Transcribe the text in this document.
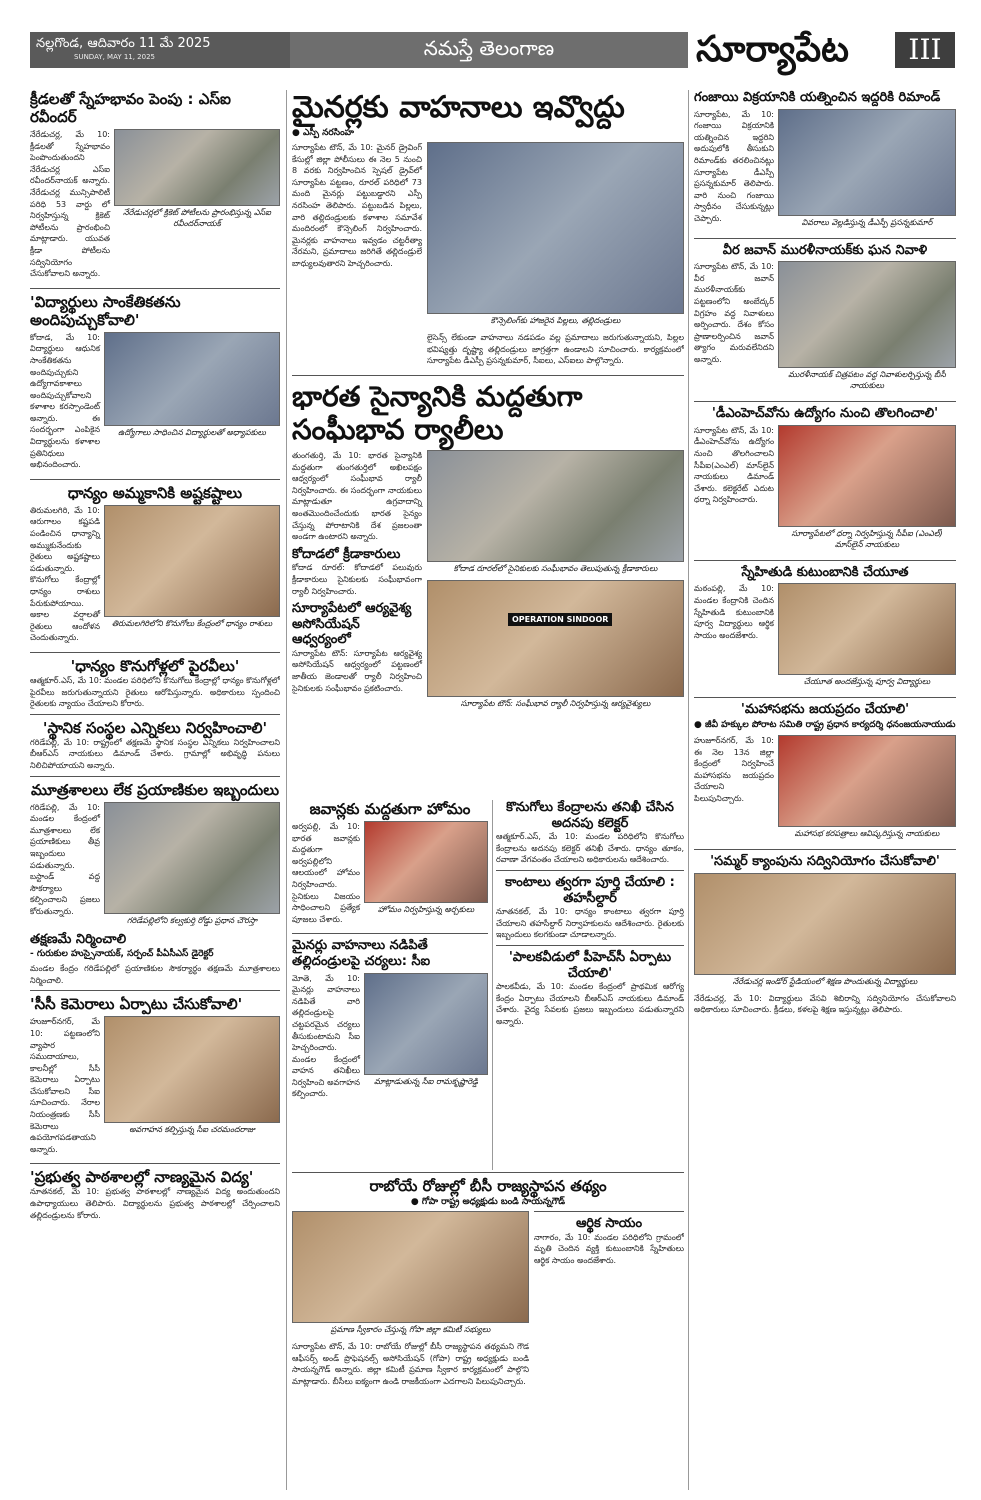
నల్లగొండ, ఆదివారం 11 మే 2025
SUNDAY, MAY 11, 2025	నమస్తే తెలంగాణ	సూర్యాపేట	III
క్రీడలతో స్నేహభావం పెంపు : ఎస్ఐ రవీందర్

నేరేడుచర్ల, మే 10: క్రీడలతో స్నేహభావం పెంపొందుతుందని నేరేడుచర్ల ఎస్ఐ రవీందర్‌నాయక్ అన్నారు. నేరేడుచర్ల మున్సిపాలిటీ పరిధి 53 వార్డు లో నిర్వహిస్తున్న క్రికెట్ పోటీలను ప్రారంభించి మాట్లాడారు. యువత క్రీడా పోటీలను సద్వినియోగం చేసుకోవాలని అన్నారు.

నేరేడుచర్లలో క్రికెట్ పోటీలను ప్రారంభిస్తున్న ఎస్ఐ రవీందర్‌నాయక్
'విద్యార్థులు సాంకేతికతను అందిపుచ్చుకోవాలి'

కోదాడ, మే 10: విద్యార్థులు ఆధునిక సాంకేతికతను అందిపుచ్చుకుని ఉద్యోగావకాశాలు అందిపుచ్చుకోవాలని కళాశాల కరస్పాండెంట్ అన్నారు. ఈ సందర్భంగా ఎంపికైన విద్యార్థులను కళాశాల ప్రతినిధులు అభినందించారు.

ఉద్యోగాలు సాధించిన విద్యార్థులతో అధ్యాపకులు
ధాన్యం అమ్మకానికి అష్టకష్టాలు

తిరుమలగిరి, మే 10: ఆరుగాలం కష్టపడి పండించిన ధాన్యాన్ని అమ్ముకునేందుకు రైతులు అష్టకష్టాలు పడుతున్నారు. కొనుగోలు కేంద్రాల్లో ధాన్యం రాశులు పేరుకుపోయాయి. అకాల వర్షాలతో రైతులు ఆందోళన చెందుతున్నారు.

తిరుమలగిరిలోని కొనుగోలు కేంద్రంలో ధాన్యం రాశులు
'ధాన్యం కొనుగోళ్లలో పైరవీలు'

ఆత్మకూర్.ఎస్, మే 10: మండల పరిధిలోని కొనుగోలు కేంద్రాల్లో ధాన్యం కొనుగోళ్లలో పైరవీలు జరుగుతున్నాయని రైతులు ఆరోపిస్తున్నారు. అధికారులు స్పందించి రైతులకు న్యాయం చేయాలని కోరారు.

'స్థానిక సంస్థల ఎన్నికలు నిర్వహించాలి'

గరిడేపల్లి, మే 10: రాష్ట్రంలో తక్షణమే స్థానిక సంస్థల ఎన్నికలు నిర్వహించాలని బీఆర్ఎస్ నాయకులు డిమాండ్ చేశారు. గ్రామాల్లో అభివృద్ధి పనులు నిలిచిపోయాయని అన్నారు.

మూత్రశాలలు లేక ప్రయాణికుల ఇబ్బందులు

గరిడేపల్లి, మే 10: మండల కేంద్రంలో మూత్రశాలలు లేక ప్రయాణికులు తీవ్ర ఇబ్బందులు పడుతున్నారు. బస్టాండ్ వద్ద సౌకర్యాలు కల్పించాలని ప్రజలు కోరుతున్నారు.

గరిడేపల్లిలోని కల్వకుర్తి రోడ్డు ప్రధాన చౌరస్తా
తక్షణమే నిర్మించాలి
- గురుకుల హుస్సైనాయక్, సర్పంచ్ పీఏసీఎస్ డైరెక్టర్

మండల కేంద్రం గరిడేపల్లిలో ప్రయాణికుల సౌకర్యార్థం తక్షణమే మూత్రశాలలు నిర్మించాలి.

'సీసీ కెమెరాలు ఏర్పాటు చేసుకోవాలి'

హుజూర్‌నగర్, మే 10: పట్టణంలోని వ్యాపార సముదాయాలు, కాలనీల్లో సీసీ కెమెరాలు ఏర్పాటు చేసుకోవాలని సీఐ సూచించారు. నేరాల నియంత్రణకు సీసీ కెమెరాలు ఉపయోగపడతాయని అన్నారు.

అవగాహన కల్పిస్తున్న సీఐ చరమందరాజు
'ప్రభుత్వ పాఠశాలల్లో నాణ్యమైన విద్య'

నూతనకల్, మే 10: ప్రభుత్వ పాఠశాలల్లో నాణ్యమైన విద్య అందుతుందని ఉపాధ్యాయులు తెలిపారు. విద్యార్థులను ప్రభుత్వ పాఠశాలల్లో చేర్పించాలని తల్లిదండ్రులను కోరారు.

మైనర్లకు వాహనాలు ఇవ్వొద్దు
● ఎస్పీ నరసింహ

సూర్యాపేట టౌన్, మే 10: మైనర్ డ్రైవింగ్ కేసుల్లో జిల్లా పోలీసులు ఈ నెల 5 నుంచి 8 వరకు నిర్వహించిన స్పెషల్ డ్రైవ్‌లో సూర్యాపేట పట్టణం, రూరల్ పరిధిలో 73 మంది మైనర్లు పట్టుబడ్డారని ఎస్పీ నరసింహ తెలిపారు. పట్టుబడిన పిల్లలు, వారి తల్లిదండ్రులకు కళాశాల సమావేశ మందిరంలో కౌన్సెలింగ్ నిర్వహించారు. మైనర్లకు వాహనాలు ఇవ్వడం చట్టరీత్యా నేరమని, ప్రమాదాలు జరిగితే తల్లిదండ్రులే బాధ్యులవుతారని హెచ్చరించారు.

కౌన్సెలింగ్‌కు హాజరైన పిల్లలు, తల్లిదండ్రులు

లైసెన్స్ లేకుండా వాహనాలు నడపడం వల్ల ప్రమాదాలు జరుగుతున్నాయని, పిల్లల భవిష్యత్తు దృష్ట్యా తల్లిదండ్రులు జాగ్రత్తగా ఉండాలని సూచించారు. కార్యక్రమంలో సూర్యాపేట డీఎస్పీ ప్రసన్నకుమార్, సీఐలు, ఎస్ఐలు పాల్గొన్నారు.

భారత సైన్యానికి మద్దతుగా సంఘీభావ ర్యాలీలు

తుంగతుర్తి, మే 10: భారత సైన్యానికి మద్దతుగా తుంగతుర్తిలో అఖిలపక్షం ఆధ్వర్యంలో సంఘీభావ ర్యాలీ నిర్వహించారు. ఈ సందర్భంగా నాయకులు మాట్లాడుతూ ఉగ్రవాదాన్ని అంతమొందించేందుకు భారత సైన్యం చేస్తున్న పోరాటానికి దేశ ప్రజలంతా అండగా ఉంటారని అన్నారు.

కోదాడలో క్రీడాకారులు

కోదాడ రూరల్: కోదాడలో పలువురు క్రీడాకారులు సైనికులకు సంఘీభావంగా ర్యాలీ నిర్వహించారు.

సూర్యాపేటలో ఆర్యవైశ్య అసోసియేషన్ ఆధ్వర్యంలో

సూర్యాపేట టౌన్: సూర్యాపేట ఆర్యవైశ్య అసోసియేషన్ ఆధ్వర్యంలో పట్టణంలో జాతీయ జెండాలతో ర్యాలీ నిర్వహించి సైనికులకు సంఘీభావం ప్రకటించారు.

కోదాడ రూరల్‌లో సైనికులకు సంఘీభావం తెలుపుతున్న క్రీడాకారులు
OPERATION SINDOOR
సూర్యాపేట టౌన్: సంఘీభావ ర్యాలీ నిర్వహిస్తున్న ఆర్యవైశ్యులు
జవాన్లకు మద్దతుగా హోమం

అర్వపల్లి, మే 10: భారత జవాన్లకు మద్దతుగా అర్వపల్లిలోని ఆలయంలో హోమం నిర్వహించారు. సైనికులు విజయం సాధించాలని ప్రత్యేక పూజలు చేశారు.

హోమం నిర్వహిస్తున్న అర్చకులు
మైనర్లు వాహనాలు నడిపితే తల్లిదండ్రులపై చర్యలు: సీఐ

మోతె, మే 10: మైనర్లు వాహనాలు నడిపితే వారి తల్లిదండ్రులపై చట్టపరమైన చర్యలు తీసుకుంటామని సీఐ హెచ్చరించారు. మండల కేంద్రంలో వాహన తనిఖీలు నిర్వహించి అవగాహన కల్పించారు.

మాట్లాడుతున్న సీఐ రామకృష్ణారెడ్డి
కొనుగోలు కేంద్రాలను తనిఖీ చేసిన అదనపు కలెక్టర్

ఆత్మకూర్.ఎస్, మే 10: మండల పరిధిలోని కొనుగోలు కేంద్రాలను అదనపు కలెక్టర్ తనిఖీ చేశారు. ధాన్యం తూకం, రవాణా వేగవంతం చేయాలని అధికారులను ఆదేశించారు.

కాంటాలు త్వరగా పూర్తి చేయాలి : తహసీల్దార్

నూతనకల్, మే 10: ధాన్యం కాంటాలు త్వరగా పూర్తి చేయాలని తహసీల్దార్ నిర్వాహకులను ఆదేశించారు. రైతులకు ఇబ్బందులు కలగకుండా చూడాలన్నారు.

'పాలకవీడులో పీహెచ్‌సీ ఏర్పాటు చేయాలి'

పాలకవీడు, మే 10: మండల కేంద్రంలో ప్రాథమిక ఆరోగ్య కేంద్రం ఏర్పాటు చేయాలని బీఆర్ఎస్ నాయకులు డిమాండ్ చేశారు. వైద్య సేవలకు ప్రజలు ఇబ్బందులు పడుతున్నారని అన్నారు.

రాబోయే రోజుల్లో బీసీ రాజ్యస్థాపన తథ్యం
● గోపా రాష్ట్ర అధ్యక్షుడు బండి సాయన్నగౌడ్
ప్రమాణ స్వీకారం చేస్తున్న గోపా జిల్లా కమిటీ సభ్యులు

సూర్యాపేట టౌన్, మే 10: రాబోయే రోజుల్లో బీసీ రాజ్యస్థాపన తథ్యమని గౌడ ఆఫీసర్స్ అండ్ ప్రొఫెషనల్స్ అసోసియేషన్ (గోపా) రాష్ట్ర అధ్యక్షుడు బండి సాయన్నగౌడ్ అన్నారు. జిల్లా కమిటీ ప్రమాణ స్వీకార కార్యక్రమంలో పాల్గొని మాట్లాడారు. బీసీలు ఐక్యంగా ఉండి రాజకీయంగా ఎదగాలని పిలుపునిచ్చారు.

ఆర్థిక సాయం

నాగారం, మే 10: మండల పరిధిలోని గ్రామంలో మృతి చెందిన వ్యక్తి కుటుంబానికి స్నేహితులు ఆర్థిక సాయం అందజేశారు.

గంజాయి విక్రయానికి యత్నించిన ఇద్దరికి రిమాండ్

సూర్యాపేట, మే 10: గంజాయి విక్రయానికి యత్నించిన ఇద్దరిని అదుపులోకి తీసుకుని రిమాండ్‌కు తరలించినట్లు సూర్యాపేట డీఎస్పీ ప్రసన్నకుమార్ తెలిపారు. వారి నుంచి గంజాయి స్వాధీనం చేసుకున్నట్లు చెప్పారు.	వివరాలు వెల్లడిస్తున్న డీఎస్పీ ప్రసన్నకుమార్
వీర జవాన్ మురళీనాయక్‌కు ఘన నివాళి

సూర్యాపేట టౌన్, మే 10: వీర జవాన్ మురళీనాయక్‌కు పట్టణంలోని అంబేద్కర్ విగ్రహం వద్ద నివాళులు అర్పించారు. దేశం కోసం ప్రాణాలర్పించిన జవాన్ త్యాగం మరువలేనిదని అన్నారు.

మురళీనాయక్ చిత్రపటం వద్ద నివాళులర్పిస్తున్న బీసీ నాయకులు
'డీఎంహెచ్‌వోను ఉద్యోగం నుంచి తొలగించాలి'

సూర్యాపేట టౌన్, మే 10: డీఎంహెచ్‌వోను ఉద్యోగం నుంచి తొలగించాలని సీపీఐ(ఎంఎల్) మాస్‌లైన్ నాయకులు డిమాండ్ చేశారు. కలెక్టరేట్ ఎదుట ధర్నా నిర్వహించారు.

సూర్యాపేటలో ధర్నా నిర్వహిస్తున్న సీపీఐ (ఎంఎల్) మాస్‌లైన్ నాయకులు
స్నేహితుడి కుటుంబానికి చేయూత

మఠంపల్లి, మే 10: మండల కేంద్రానికి చెందిన స్నేహితుడి కుటుంబానికి పూర్వ విద్యార్థులు ఆర్థిక సాయం అందజేశారు.

చేయూత అందజేస్తున్న పూర్వ విద్యార్థులు
'మహాసభను జయప్రదం చేయాలి'
● జీవీ హక్కుల పోరాట సమితి రాష్ట్ర ప్రధాన కార్యదర్శి ధనంజయనాయుడు

హుజూర్‌నగర్, మే 10: ఈ నెల 13న జిల్లా కేంద్రంలో నిర్వహించే మహాసభను జయప్రదం చేయాలని పిలుపునిచ్చారు.

మహాసభ కరపత్రాలు ఆవిష్కరిస్తున్న నాయకులు
'సమ్మర్ క్యాంపును సద్వినియోగం చేసుకోవాలి'
నేరేడుచర్ల ఇండోర్ స్టేడియంలో శిక్షణ పొందుతున్న విద్యార్థులు

నేరేడుచర్ల, మే 10: విద్యార్థులు వేసవి శిబిరాన్ని సద్వినియోగం చేసుకోవాలని అధికారులు సూచించారు. క్రీడలు, కళలపై శిక్షణ ఇస్తున్నట్లు తెలిపారు.
